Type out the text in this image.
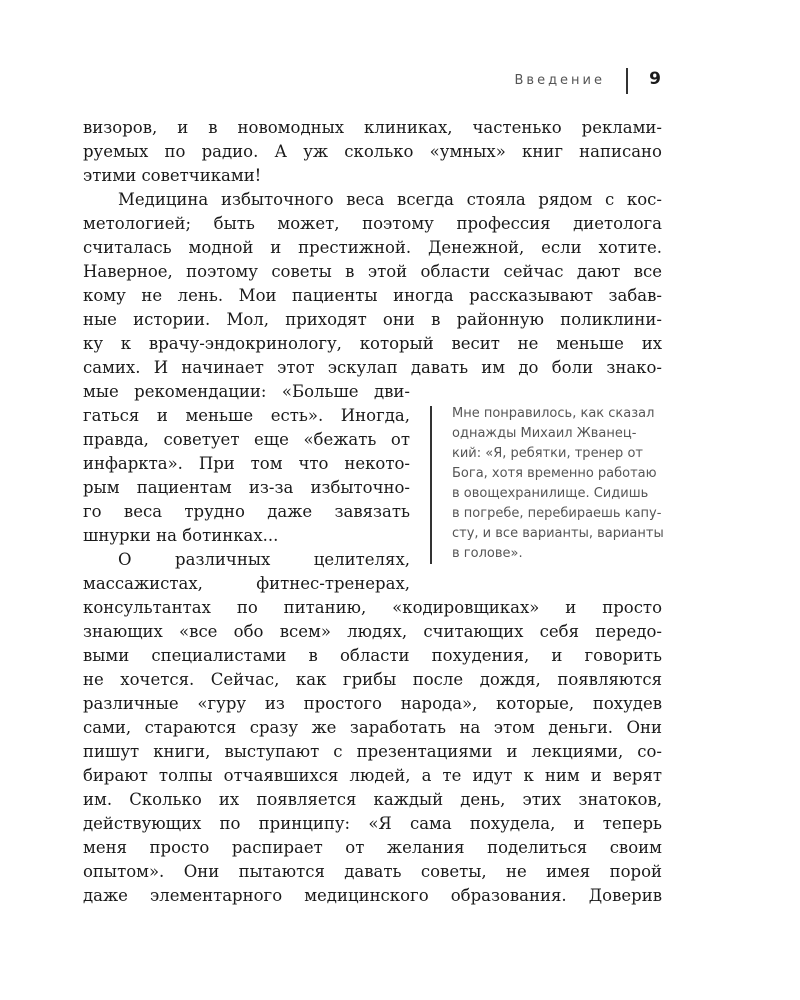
Введение	9
визоров, и в новомодных клиниках, частенько реклами-
руемых по радио. А уж сколько «умных» книг написано
этими советчиками!
Медицина избыточного веса всегда стояла рядом с кос-
метологией; быть может, поэтому профессия диетолога
считалась модной и престижной. Денежной, если хотите.
Наверное, поэтому советы в этой области сейчас дают все
кому не лень. Мои пациенты иногда рассказывают забав-
ные истории. Мол, приходят они в районную поликлини-
ку к врачу-эндокринологу, который весит не меньше их
самих. И начинает этот эскулап давать им до боли знако-
мые рекомендации: «Больше дви-
гаться и меньше есть». Иногда,
правда, советует еще «бежать от
инфаркта». При том что некото-
рым пациентам из-за избыточно-
го веса трудно даже завязать
шнурки на ботинках...
О различных целителях,
массажистах, фитнес-тренерах,
консультантах по питанию, «кодировщиках» и просто
знающих «все обо всем» людях, считающих себя передо-
выми специалистами в области похудения, и говорить
не хочется. Сейчас, как грибы после дождя, появляются
различные «гуру из простого народа», которые, похудев
сами, стараются сразу же заработать на этом деньги. Они
пишут книги, выступают с презентациями и лекциями, со-
бирают толпы отчаявшихся людей, а те идут к ним и верят
им. Сколько их появляется каждый день, этих знатоков,
действующих по принципу: «Я сама похудела, и теперь
меня просто распирает от желания поделиться своим
опытом». Они пытаются давать советы, не имея порой
даже элементарного медицинского образования. Доверив
Мне понравилось, как сказал
однажды Михаил Жванец-
кий: «Я, ребятки, тренер от
Бога, хотя временно работаю
в овощехранилище. Сидишь
в погребе, перебираешь капу-
сту, и все варианты, варианты
в голове».
